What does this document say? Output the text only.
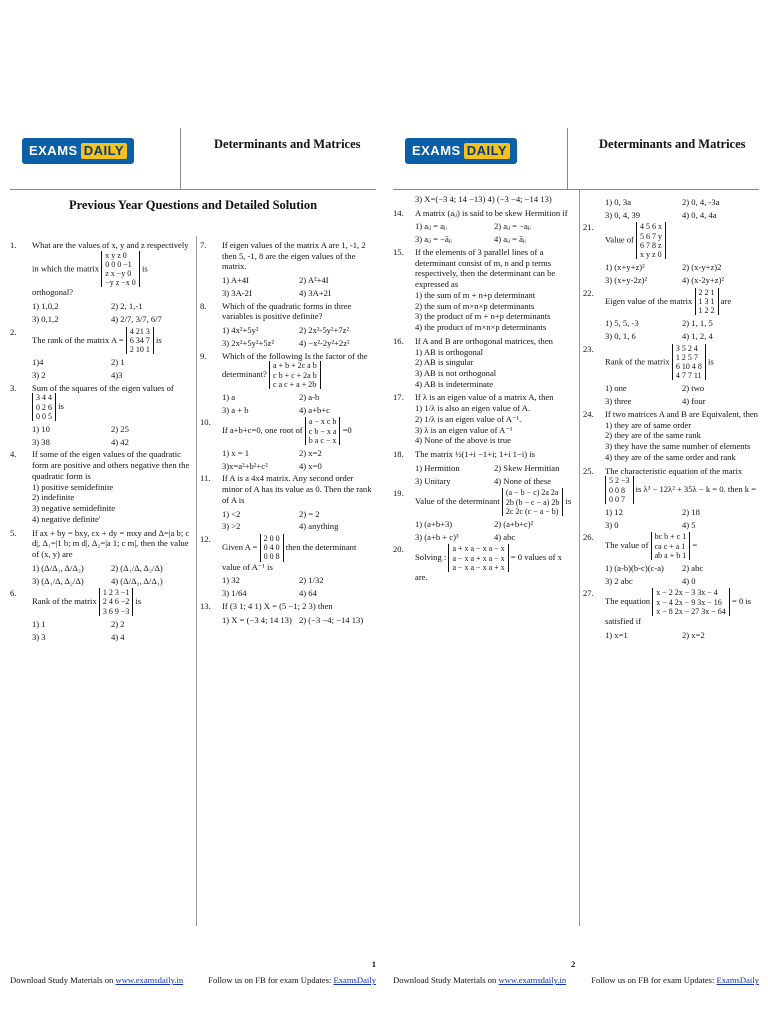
EXAMS DAILY	Determinants and Matrices
Previous Year Questions and Detailed Solution
1.	What are the values of x, y and z respectively in which the matrix
x y z 0
0 0 0 −1
z x −y 0
−y z −x 0
is orthogonal?
1) 1,0,2	2) 2, 1,-1
3) 0,1,2	4) 2/7, 3/7, 6/7
2.
The rank of the matrix A =
4 21 3
6 34 7
2 10 1
is
1)4	2) 1
3) 2	4)3
3.	Sum of the squares of the eigen values of
3 4 4
0 2 6
0 0 5
is
1) 10	2) 25
3) 38	4) 42
4.	If some of the eigen values of the quadratic form are positive and others negative then the quadratic form is
1) positive semidefinite
2) indefinite
3) negative semidefinite
4) negative definite'
5.	If ax + by = bxy, cx + dy = mxy and Δ=|a b; c d|, Δ₁=|1 b; m d|, Δ₂=|a 1; c m|, then the value of (x, y) are
1) (Δ/Δ₁, Δ/Δ₂)	2) (Δ₁/Δ, Δ₂/Δ)
3) (Δ₁/Δ, Δ₂/Δ)	4) (Δ/Δ₂, Δ/Δ₁)
6.
Rank of the matrix
1 2 3 −1
2 4 6 −2
3 6 9 −3
is
1) 1	2) 2
3) 3	4) 4
7.	If eigen values of the matrix A are 1, -1, 2 then 5, -1, 8 are the eigen values of the matrix.
1) A+4I	2) A²+4I
3) 3A-2I	4) 3A+2I
8.	Which of the quadratic forms in three variables is positive definite?
1) 4x²+5y²	2) 2x²-5y²+7z²
3) 2x²+5y²+5z²	4) −x²-2y²+2z²
9.	Which of the following Is the factor of the determinant?
a + b + 2c a b
c b + c + 2a b
c a c + a + 2b
1) a	2) a-b
3) a + b	4) a+b+c
10.
If a+b+c=0, one root of
a − x c b
c b − x a
b a c − x
=0
1) x = 1	2) x=2
3)x=a²+b²+c²	4) x=0
11.	If A is a 4x4 matrix. Any second order minor of A has its value as 0. Then the rank of A is
1) <2	2) = 2
3) >2	4) anything
12.
Given A =
2 0 0
0 4 0
0 0 8
then the determinant value of A⁻¹ is
1) 32	2) 1/32
3) 1/64	4) 64
13.	If (3 1; 4 1) X = (5 −1; 2 3) then
1) X = (−3 4; 14 13) 2) (−3 −4; −14 13)
1
Download Study Materials on www.examsdaily.in	Follow us on FB for exam Updates: ExamsDaily
EXAMS DAILY	Determinants and Matrices
3) X=(−3 4; 14 −13) 4) (−3 −4; −14 13)
14.	A matrix (aᵢⱼ) is said to be skew Hermition if
1) aᵢⱼ = aⱼᵢ	2) aᵢⱼ = −aⱼᵢ
3) aᵢⱼ = −āⱼᵢ	4) aᵢⱼ = āⱼᵢ
15.	If the elements of 3 parallel lines of a determinant consist of m, n and p terms respectively, then the determinant can be expressed as
1) the sum of m + n+p determinant
2) the sum of m×n×p determinants
3) the product of m + n+p determinants
4) the product of m×n×p determinants
16.	If A and B are orthogonal matrices, then
1) AB is orthogonal
2) AB is singular
3) AB is not orthogonal
4) AB is indeterminate
17.	If λ is an eigen value of a matrix A, then
1) 1/λ is also an eigen value of A.
2) 1/λ is an eigen value of A⁻¹.
3) λ is an eigen value of A⁻¹
4) None of the above is true
18.	The matrix ½(1+i −1+i; 1+i 1−i) is
1) Hermition	2) Skew Hermitian
3) Unitary	4) None of these
19.
Value of the determinant
(a − b − c) 2a 2a
2b (b − c − a) 2b
2c 2c (c − a − b)
is
1) (a+b+3)	2) (a+b+c)²
3) (a+b + c)³	4) abc
20.
Solving :
a + x a − x a − x
a − x a + x a − x
a − x a − x a + x
= 0 values of x are.
1) 0, 3a	2) 0, 4, -3a
3) 0, 4, 39	4) 0, 4, 4a
21.
Value of
4 5 6 x
5 6 7 y
6 7 8 z
x y z 0
1) (x+y+z)²	2) (x-y+z)2
3) (x+y-2z)²	4) (x-2y+z)²
22.
Eigen value of the matrix
2 2 1
1 3 1
1 2 2
are
1) 5, 5, -3	2) 1, 1, 5
3) 0, 1, 6	4) 1, 2, 4
23.
Rank of the matrix
3 5 2 4
1 2 5 7
6 10 4 8
4 7 7 11
is
1) one	2) two
3) three	4) four
24.	If two matrices A and B are Equivalent, then
1) they are of same order
2) they are of the same rank
3) they have the same number of elements
4) they are of the same order and rank
25.	The characteristic equation of the marix
5 2 −3
0 0 8
0 0 7
is λ³ − 12λ² + 35λ − k = 0. then k =
1) 12	2) 18
3) 0	4) 5
26.
The value of
bc b + c 1
ca c + a 1
ab a + b 1
=
1) (a-b)(b-c)(c-a)	2) abc
3) 2 abc	4) 0
27.
The equation
x − 2 2x − 3 3x − 4
x − 4 2x − 9 3x − 16
x − 8 2x − 27 3x − 64
= 0 is satisfied if
1) x=1	2) x=2
2
Download Study Materials on www.examsdaily.in	Follow us on FB for exam Updates: ExamsDaily
